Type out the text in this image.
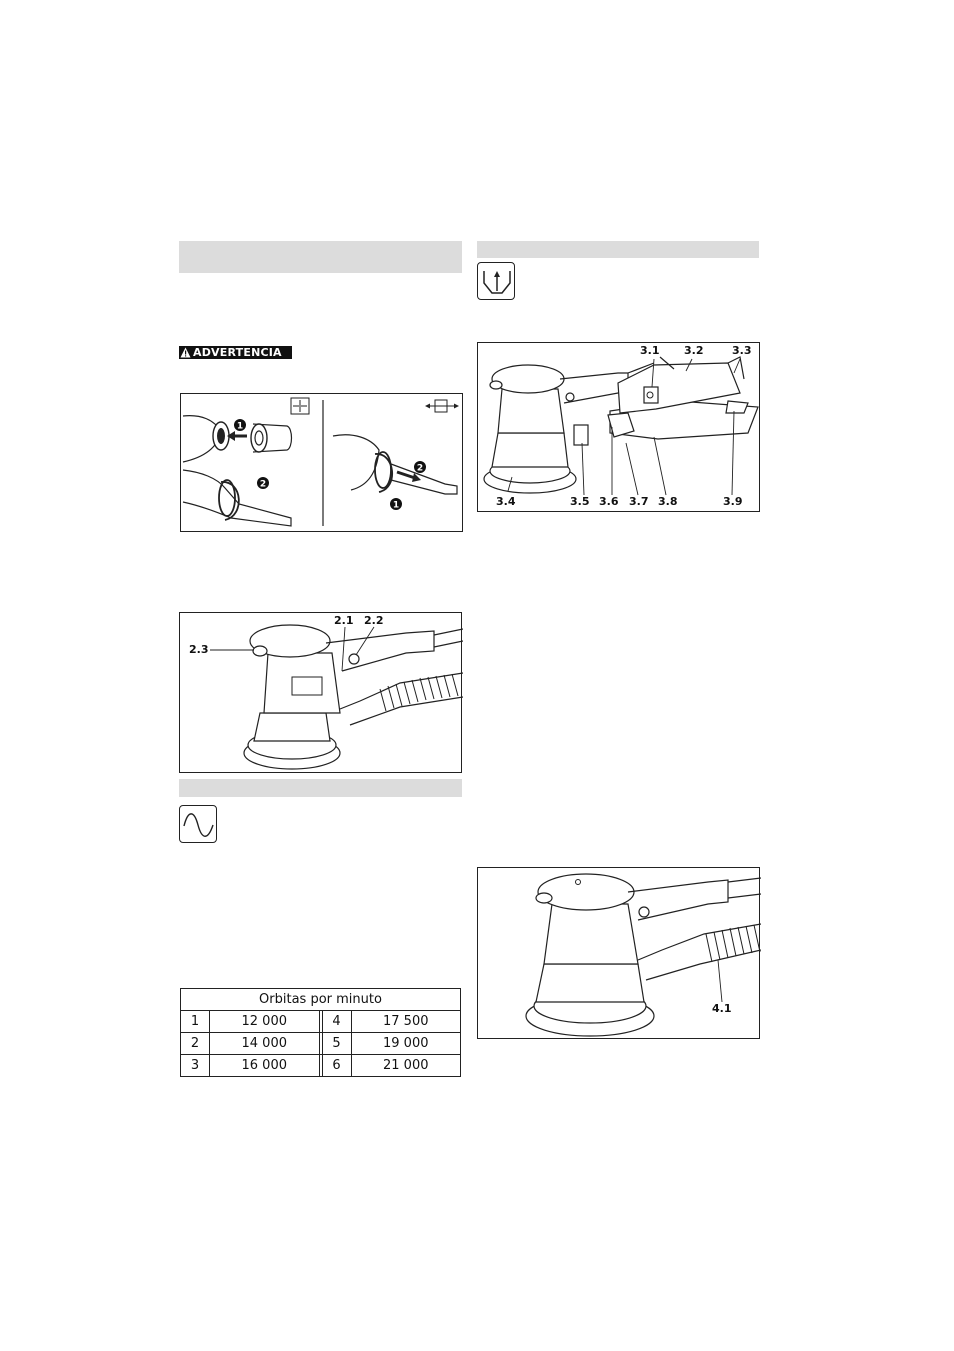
ADVERTENCIA
1
2
2
1
2.1 2.2
2.3
3.1 3.2	3.3
3.4	3.5 3.6 3.7 3.8	3.9
4.1
Orbitas por minuto				
1	12 000		4	17 500
2	14 000		5	19 000
3	16 000		6	21 000
